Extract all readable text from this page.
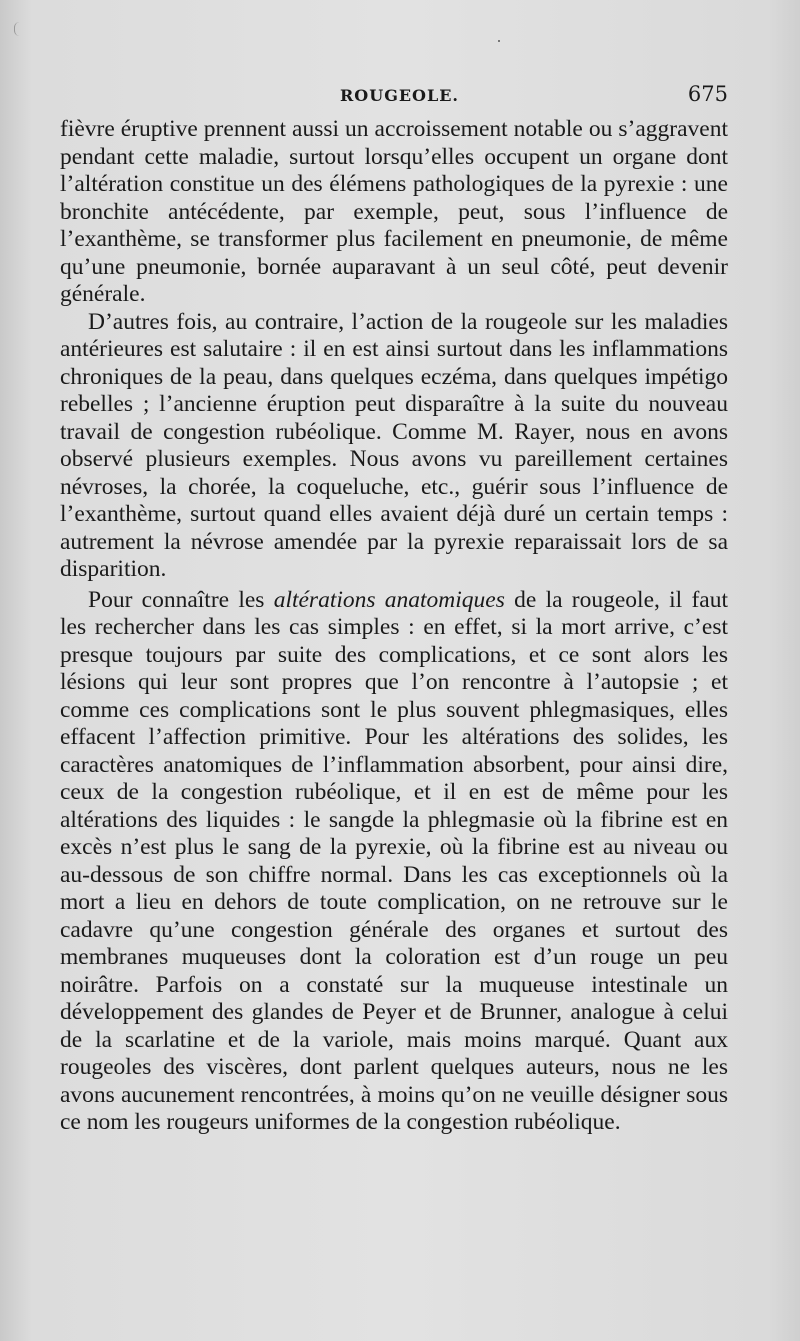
ROUGEOLE.	675

fièvre éruptive prennent aussi un accroissement notable ou s’aggravent pendant cette maladie, surtout lorsqu’elles occupent un organe dont l’altération constitue un des élémens pathologiques de la pyrexie : une bronchite antécédente, par exemple, peut, sous l’influence de l’exanthème, se transformer plus facilement en pneumonie, de même qu’une pneumonie, bornée auparavant à un seul côté, peut devenir générale.

D’autres fois, au contraire, l’action de la rougeole sur les maladies antérieures est salutaire : il en est ainsi surtout dans les inflammations chroniques de la peau, dans quelques eczéma, dans quelques impétigo rebelles ; l’ancienne éruption peut disparaître à la suite du nouveau travail de congestion rubéolique. Comme M. Rayer, nous en avons observé plusieurs exemples. Nous avons vu pareillement certaines névroses, la chorée, la coqueluche, etc., guérir sous l’influence de l’exanthème, surtout quand elles avaient déjà duré un certain temps : autrement la névrose amendée par la pyrexie reparaissait lors de sa disparition.

Pour connaître les altérations anatomiques de la rougeole, il faut les rechercher dans les cas simples : en effet, si la mort arrive, c’est presque toujours par suite des complications, et ce sont alors les lésions qui leur sont propres que l’on rencontre à l’autopsie ; et comme ces complications sont le plus souvent phlegmasiques, elles effacent l’affection primitive. Pour les altérations des solides, les caractères anatomiques de l’inflammation absorbent, pour ainsi dire, ceux de la congestion rubéolique, et il en est de même pour les altérations des liquides : le sangde la phlegmasie où la fibrine est en excès n’est plus le sang de la pyrexie, où la fibrine est au niveau ou au-dessous de son chiffre normal. Dans les cas exceptionnels où la mort a lieu en dehors de toute complication, on ne retrouve sur le cadavre qu’une congestion générale des organes et surtout des membranes muqueuses dont la coloration est d’un rouge un peu noirâtre. Parfois on a constaté sur la muqueuse intestinale un développement des glandes de Peyer et de Brunner, analogue à celui de la scarlatine et de la variole, mais moins marqué. Quant aux rougeoles des viscères, dont parlent quelques auteurs, nous ne les avons aucunement rencontrées, à moins qu’on ne veuille désigner sous ce nom les rougeurs uniformes de la congestion rubéolique.
